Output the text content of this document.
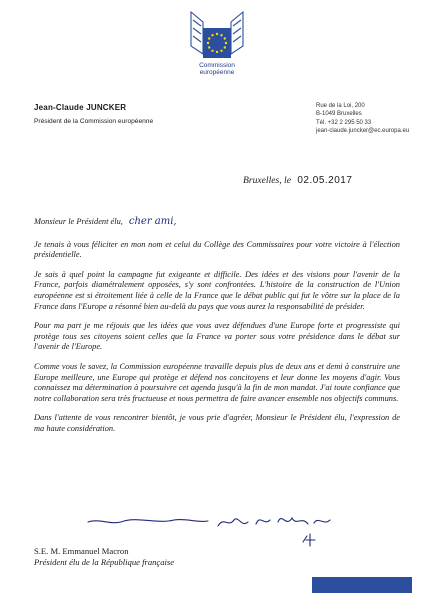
Commission
européenne
Jean-Claude JUNCKER
Président de la Commission européenne
Rue de la Loi, 200
B-1049 Bruxelles
Tél. +32 2 295 50 33
jean-claude.juncker@ec.europa.eu
Bruxelles, le 02.05.2017

Monsieur le Président élu, cher ami,

Je tenais à vous féliciter en mon nom et celui du Collège des Commissaires pour votre victoire à l'élection présidentielle.

Je sais à quel point la campagne fut exigeante et difficile. Des idées et des visions pour l'avenir de la France, parfois diamétralement opposées, s'y sont confrontées. L'histoire de la construction de l'Union européenne est si étroitement liée à celle de la France que le débat public qui fut le vôtre sur la place de la France dans l'Europe a résonné bien au-delà du pays que vous aurez la responsabilité de présider.

Pour ma part je me réjouis que les idées que vous avez défendues d'une Europe forte et progressiste qui protège tous ses citoyens soient celles que la France va porter sous votre présidence dans le débat sur l'avenir de l'Europe.

Comme vous le savez, la Commission européenne travaille depuis plus de deux ans et demi à construire une Europe meilleure, une Europe qui protège et défend nos concitoyens et leur donne les moyens d'agir. Vous connaissez ma détermination à poursuivre cet agenda jusqu'à la fin de mon mandat. J'ai toute confiance que notre collaboration sera très fructueuse et nous permettra de faire avancer ensemble nos objectifs communs.

Dans l'attente de vous rencontrer bientôt, je vous prie d'agréer, Monsieur le Président élu, l'expression de ma haute considération.

S.E. M. Emmanuel Macron
Président élu de la République française
